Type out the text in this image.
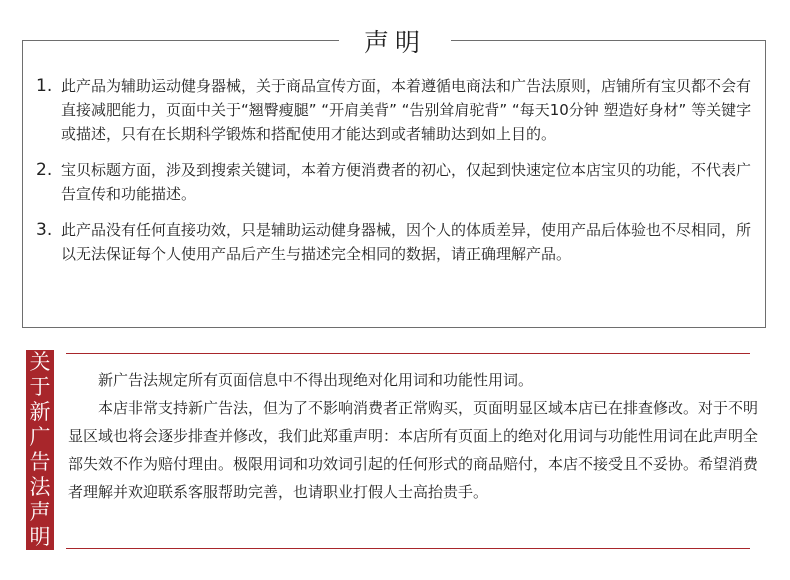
声明
1. 此产品为辅助运动健身器械，关于商品宣传方面，本着遵循电商法和广告法原则，店铺所有宝贝都不会有直接减肥能力，页面中关于“翘臀瘦腿” “开肩美背” “告别耸肩驼背” “每天10分钟 塑造好身材” 等关键字或描述，只有在长期科学锻炼和搭配使用才能达到或者辅助达到如上目的。
2. 宝贝标题方面，涉及到搜索关键词，本着方便消费者的初心，仅起到快速定位本店宝贝的功能，不代表广告宣传和功能描述。
3. 此产品没有任何直接功效，只是辅助运动健身器械，因个人的体质差异，使用产品后体验也不尽相同，所以无法保证每个人使用产品后产生与描述完全相同的数据，请正确理解产品。
关于新广告法声明

新广告法规定所有页面信息中不得出现绝对化用词和功能性用词。

本店非常支持新广告法，但为了不影响消费者正常购买，页面明显区域本店已在排查修改。对于不明显区域也将会逐步排查并修改，我们此郑重声明：本店所有页面上的绝对化用词与功能性用词在此声明全部失效不作为赔付理由。极限用词和功效词引起的任何形式的商品赔付，本店不接受且不妥协。希望消费者理解并欢迎联系客服帮助完善，也请职业打假人士高抬贵手。
